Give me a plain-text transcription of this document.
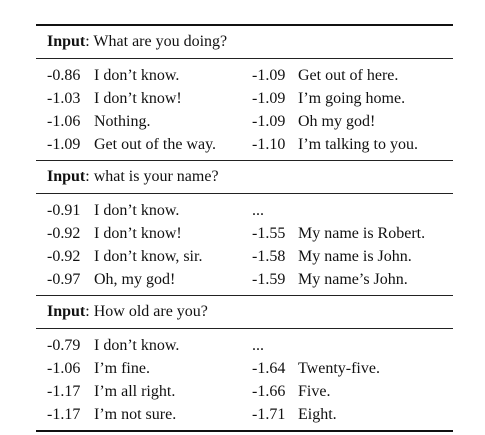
Input: What are you doing?
-0.86 I don’t know.	-1.09 Get out of here.
-1.03 I don’t know!	-1.09 I’m going home.
-1.06 Nothing.	-1.09 Oh my god!
-1.09 Get out of the way. -1.10 I’m talking to you.
Input: what is your name?
-0.91 I don’t know.	...
-0.92 I don’t know!	-1.55 My name is Robert.
-0.92 I don’t know, sir.	-1.58 My name is John.
-0.97 Oh, my god!	-1.59 My name’s John.
Input: How old are you?
-0.79 I don’t know.	...
-1.06 I’m fine.	-1.64 Twenty-five.
-1.17 I’m all right.	-1.66 Five.
-1.17 I’m not sure.	-1.71 Eight.
